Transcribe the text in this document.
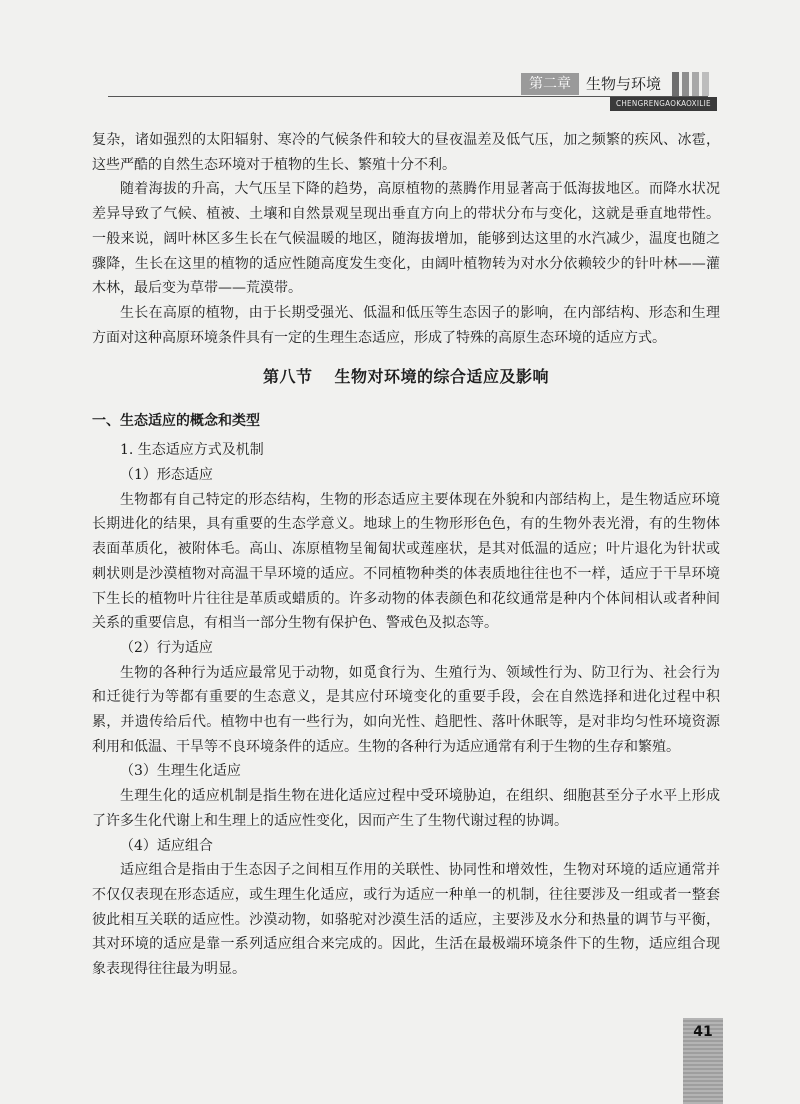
第二章	生物与环境
CHENGRENGAOKAOXILIE

复杂，诸如强烈的太阳辐射、寒冷的气候条件和较大的昼夜温差及低气压，加之频繁的疾风、冰雹，这些严酷的自然生态环境对于植物的生长、繁殖十分不利。

随着海拔的升高，大气压呈下降的趋势，高原植物的蒸腾作用显著高于低海拔地区。而降水状况差异导致了气候、植被、土壤和自然景观呈现出垂直方向上的带状分布与变化，这就是垂直地带性。一般来说，阔叶林区多生长在气候温暖的地区，随海拔增加，能够到达这里的水汽减少，温度也随之骤降，生长在这里的植物的适应性随高度发生变化，由阔叶植物转为对水分依赖较少的针叶林——灌木林，最后变为草带——荒漠带。

生长在高原的植物，由于长期受强光、低温和低压等生态因子的影响，在内部结构、形态和生理方面对这种高原环境条件具有一定的生理生态适应，形成了特殊的高原生态环境的适应方式。

第八节 生物对环境的综合适应及影响
一、生态适应的概念和类型

1. 生态适应方式及机制

（1）形态适应

生物都有自己特定的形态结构，生物的形态适应主要体现在外貌和内部结构上，是生物适应环境长期进化的结果，具有重要的生态学意义。地球上的生物形形色色，有的生物外表光滑，有的生物体表面革质化，被附体毛。高山、冻原植物呈匍匐状或莲座状，是其对低温的适应；叶片退化为针状或刺状则是沙漠植物对高温干旱环境的适应。不同植物种类的体表质地往往也不一样，适应于干旱环境下生长的植物叶片往往是革质或蜡质的。许多动物的体表颜色和花纹通常是种内个体间相认或者种间关系的重要信息，有相当一部分生物有保护色、警戒色及拟态等。

（2）行为适应

生物的各种行为适应最常见于动物，如觅食行为、生殖行为、领域性行为、防卫行为、社会行为和迁徙行为等都有重要的生态意义，是其应付环境变化的重要手段，会在自然选择和进化过程中积累，并遗传给后代。植物中也有一些行为，如向光性、趋肥性、落叶休眠等，是对非均匀性环境资源利用和低温、干旱等不良环境条件的适应。生物的各种行为适应通常有利于生物的生存和繁殖。

（3）生理生化适应

生理生化的适应机制是指生物在进化适应过程中受环境胁迫，在组织、细胞甚至分子水平上形成了许多生化代谢上和生理上的适应性变化，因而产生了生物代谢过程的协调。

（4）适应组合

适应组合是指由于生态因子之间相互作用的关联性、协同性和增效性，生物对环境的适应通常并不仅仅表现在形态适应，或生理生化适应，或行为适应一种单一的机制，往往要涉及一组或者一整套彼此相互关联的适应性。沙漠动物，如骆驼对沙漠生活的适应，主要涉及水分和热量的调节与平衡，其对环境的适应是靠一系列适应组合来完成的。因此，生活在最极端环境条件下的生物，适应组合现象表现得往往最为明显。

41
